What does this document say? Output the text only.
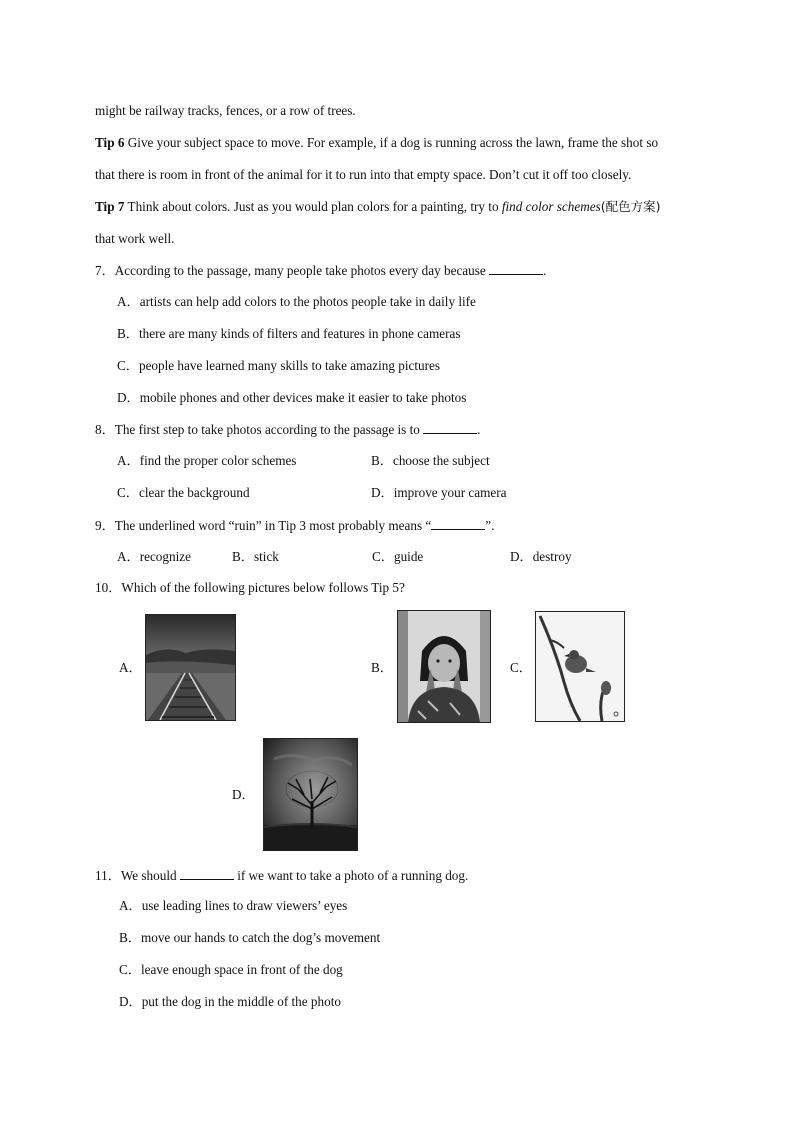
might be railway tracks, fences, or a row of trees.
Tip 6 Give your subject space to move. For example, if a dog is running across the lawn, frame the shot so
that there is room in front of the animal for it to run into that empty space. Don’t cut it off too closely.
Tip 7 Think about colors. Just as you would plan colors for a painting, try to find color schemes(配色方案)
that work well.
7．According to the passage, many people take photos every day because	.
A．artists can help add colors to the photos people take in daily life
B．there are many kinds of filters and features in phone cameras
C．people have learned many skills to take amazing pictures
D．mobile phones and other devices make it easier to take photos
8．The first step to take photos according to the passage is to	.
A．find the proper color schemes	B．choose the subject
C．clear the background	D．improve your camera
9．The underlined word “ruin” in Tip 3 most probably means “	”.
A．recognize	B．stick	C．guide	D．destroy
10．Which of the following pictures below follows Tip 5?
A．	B．	C．
D．
11．We should	if we want to take a photo of a running dog.
A．use leading lines to draw viewers’ eyes
B．move our hands to catch the dog’s movement
C．leave enough space in front of the dog
D．put the dog in the middle of the photo
